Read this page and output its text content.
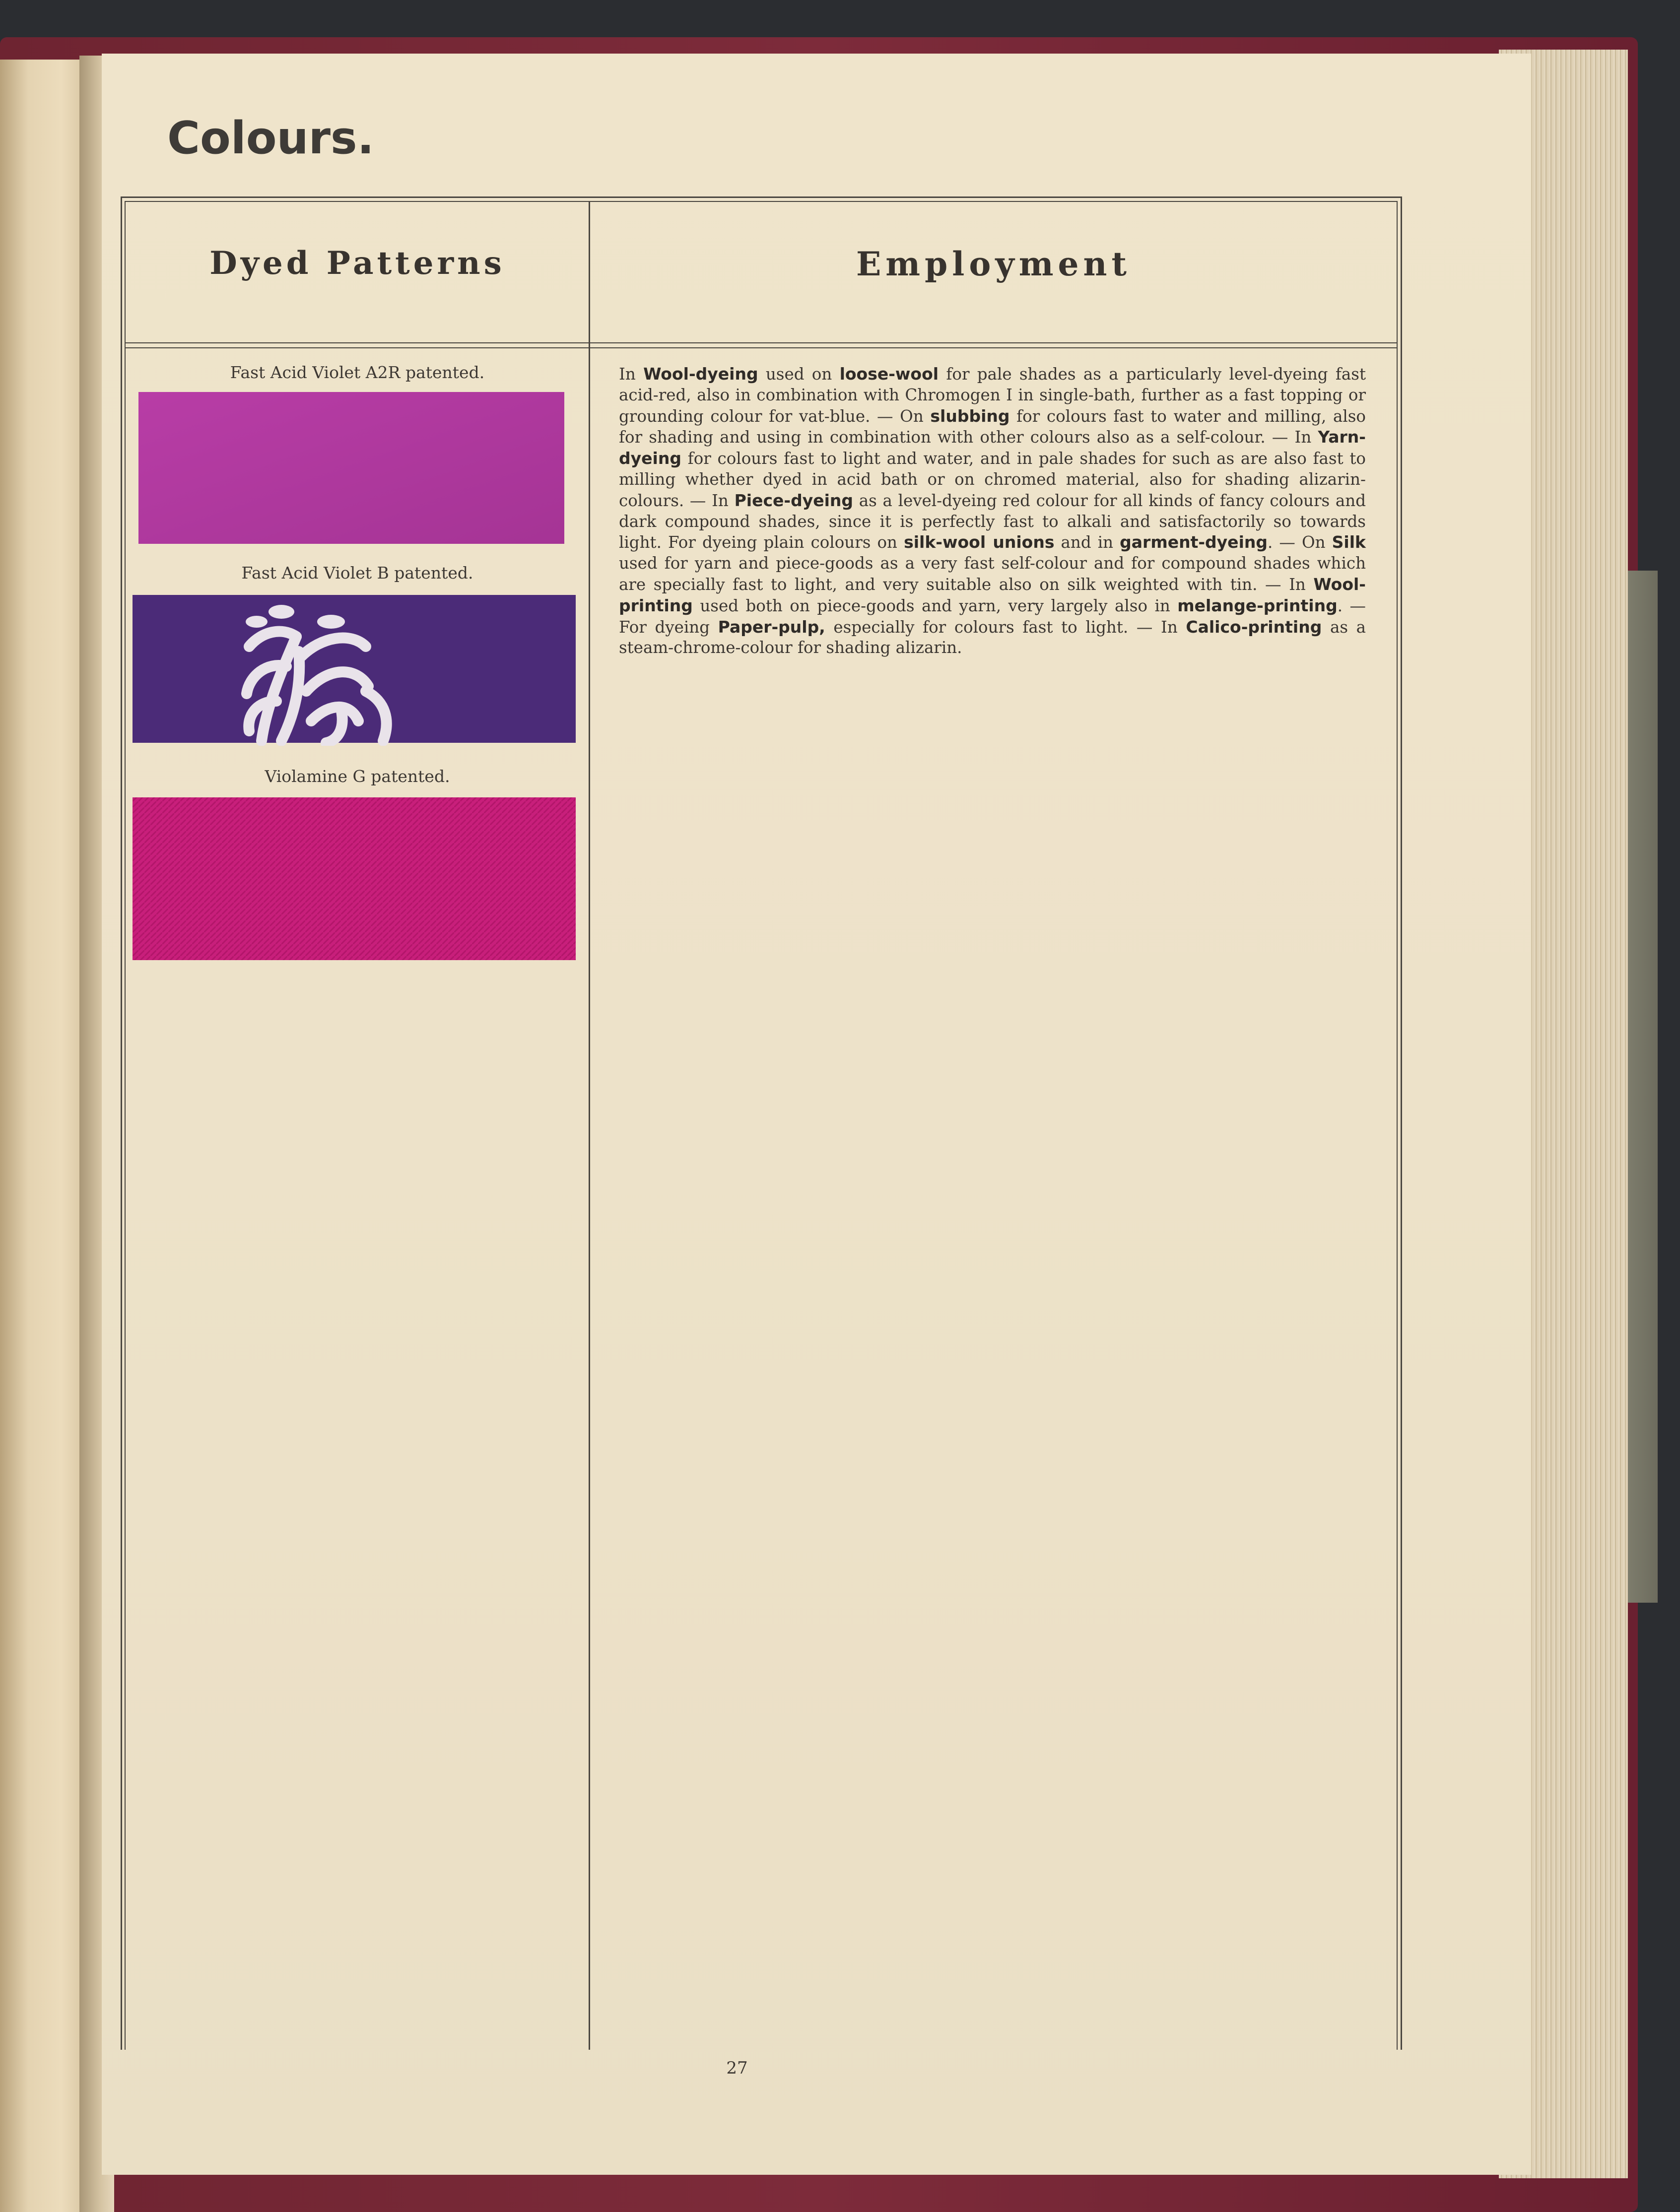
Colours.
Dyed Patterns	Employment
Fast Acid Violet A2R patented.
Fast Acid Violet B patented.
Violamine G patented.

In Wool-dyeing used on loose-wool for pale shades as a particularly level-dyeing fast acid-red, also in combination with Chromogen I in single-bath, further as a fast topping or grounding colour for vat-blue. — On slubbing for colours fast to water and milling, also for shading and using in combination with other colours also as a self-colour. — In Yarn-dyeing for colours fast to light and water, and in pale shades for such as are also fast to milling whether dyed in acid bath or on chromed material, also for shading alizarin-colours. — In Piece-dyeing as a level-dyeing red colour for all kinds of fancy colours and dark compound shades, since it is perfectly fast to alkali and satisfactorily so towards light. For dyeing plain colours on silk-wool unions and in garment-dyeing. — On Silk used for yarn and piece-goods as a very fast self-colour and for compound shades which are specially fast to light, and very suitable also on silk weighted with tin. — In Wool-printing used both on piece-goods and yarn, very largely also in melange-printing. — For dyeing Paper-pulp, especially for colours fast to light. — In Calico-printing as a steam-chrome-colour for shading alizarin.

27
